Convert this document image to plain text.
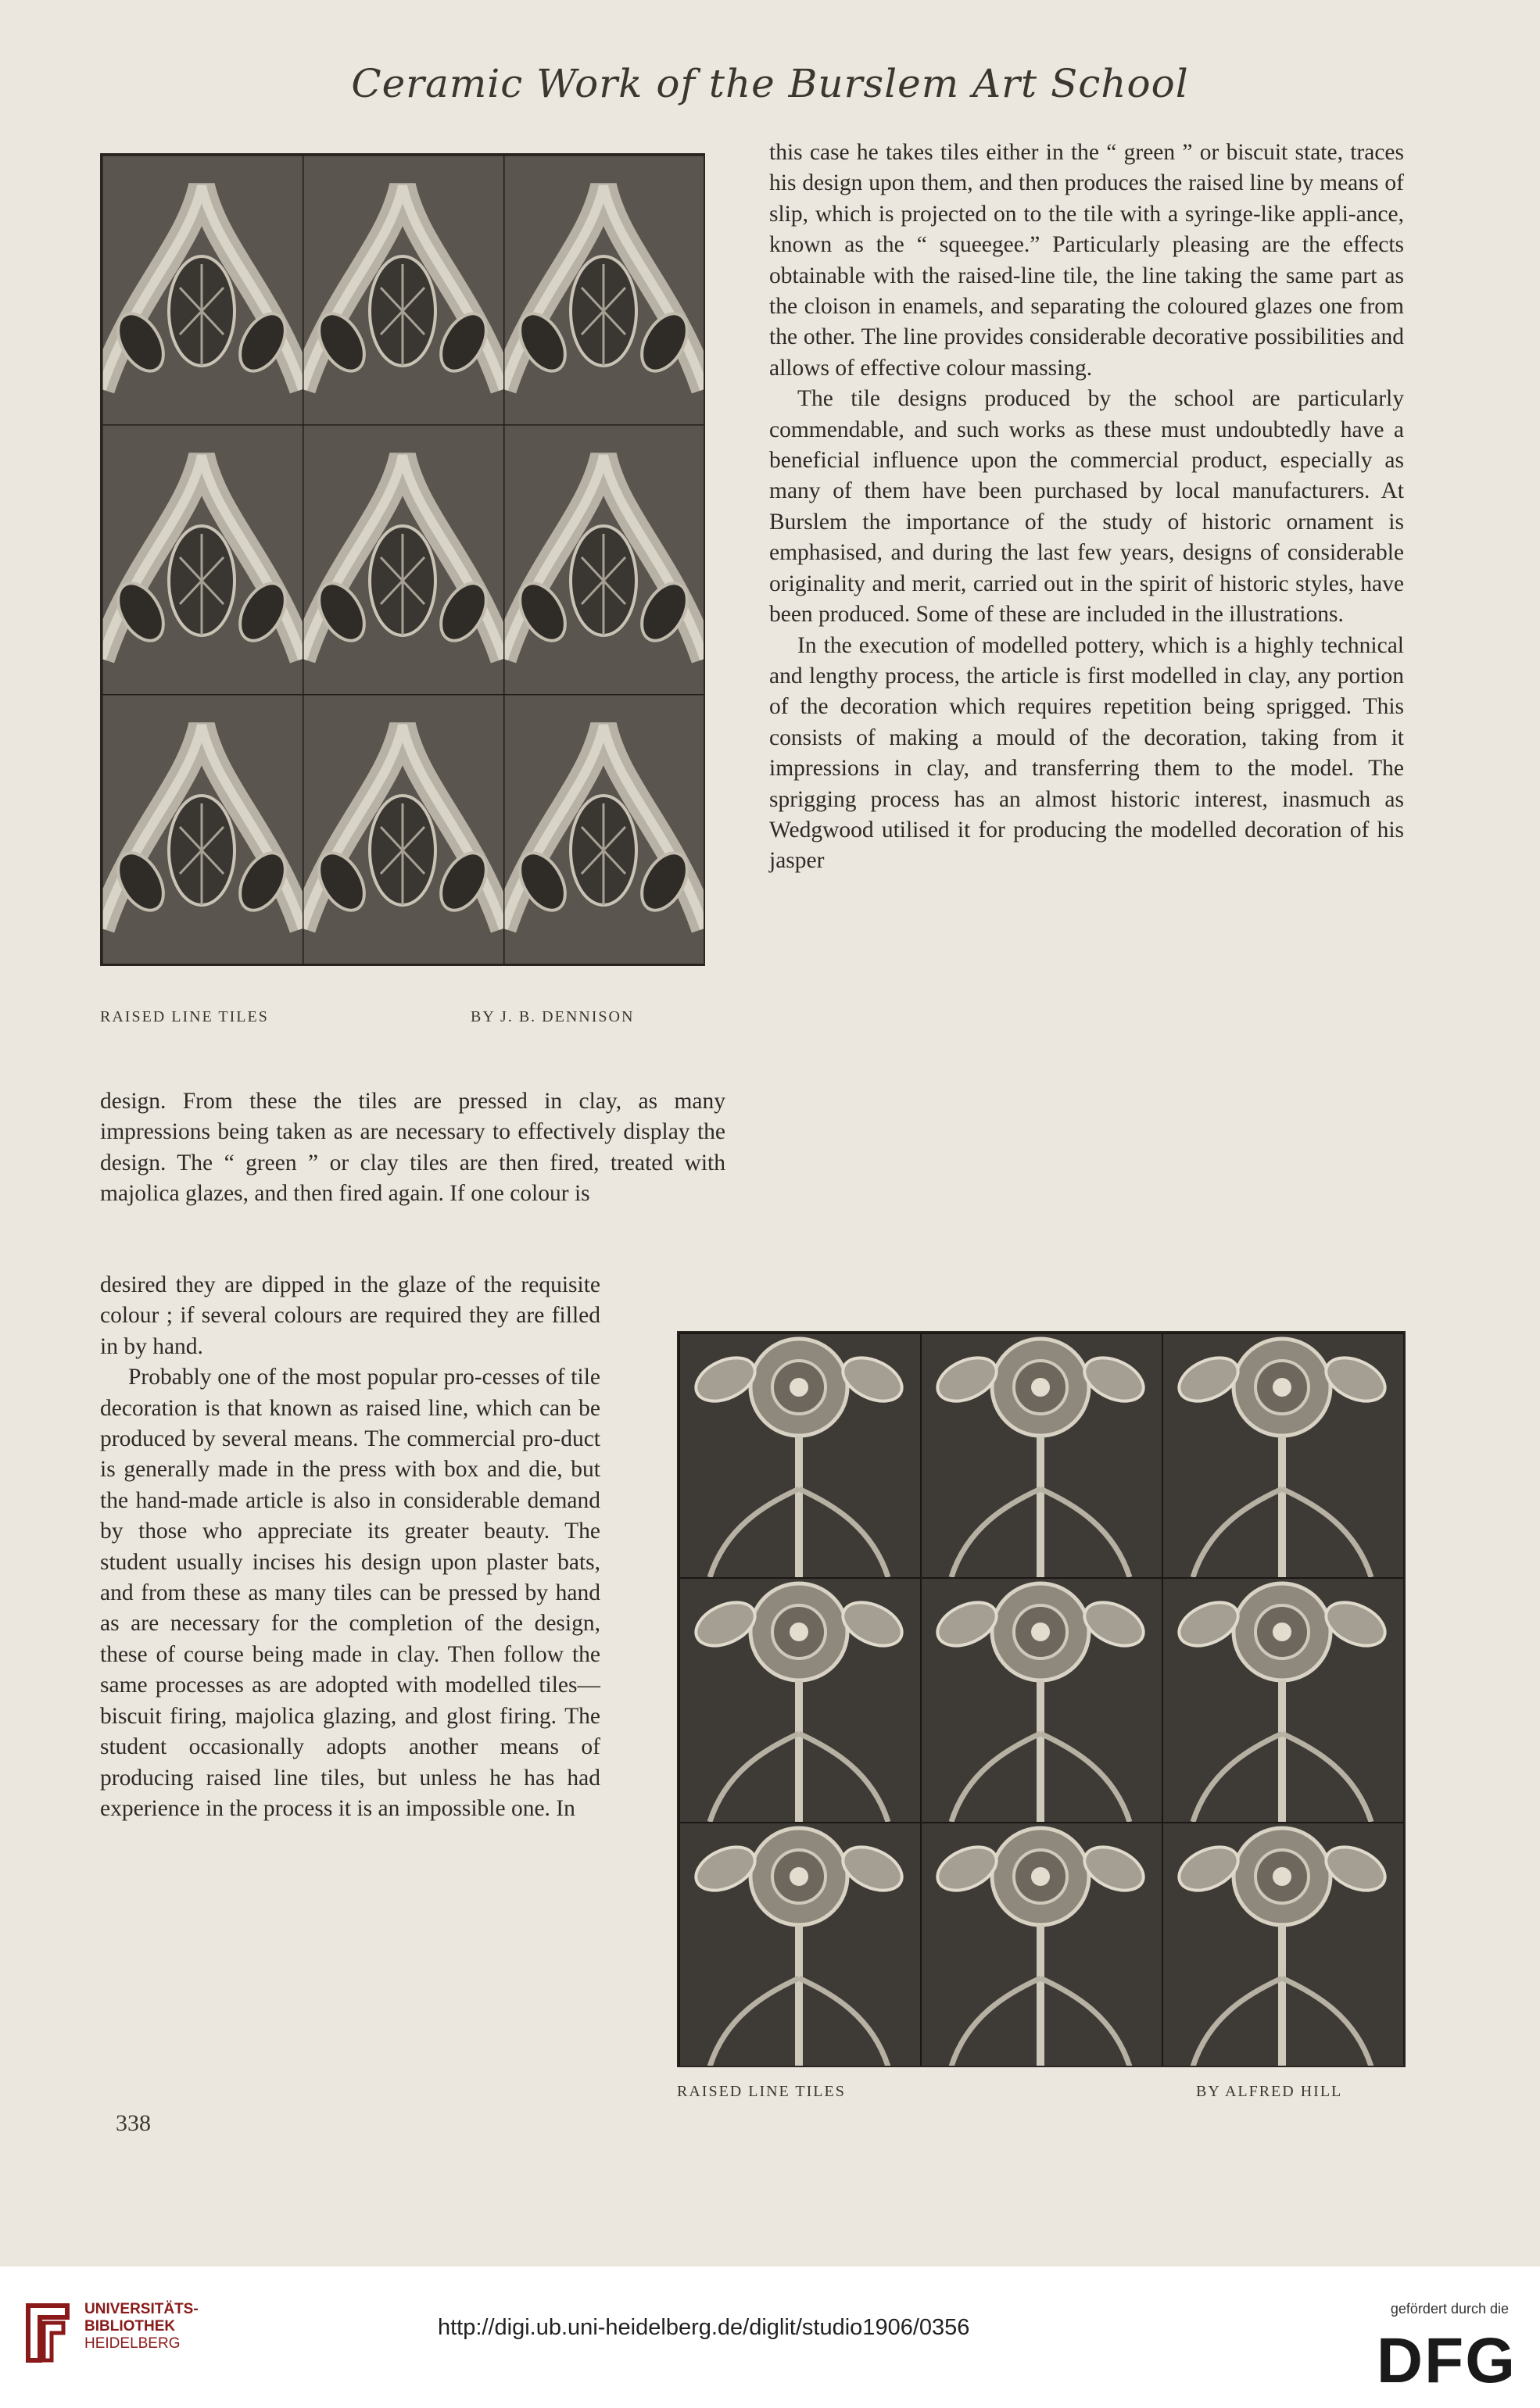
Ceramic Work of the Burslem Art School
RAISED LINE TILES	BY J. B. DENNISON

this case he takes tiles either in the “ green ” or biscuit state, traces his design upon them, and then produces the raised line by means of slip, which is projected on to the tile with a syringe-like appli-ance, known as the “ squeegee.” Particularly pleasing are the effects obtainable with the raised-line tile, the line taking the same part as the cloison in enamels, and separating the coloured glazes one from the other. The line provides considerable decorative possibilities and allows of effective colour massing.

The tile designs produced by the school are particularly commendable, and such works as these must undoubtedly have a beneficial influence upon the commercial product, especially as many of them have been purchased by local manufacturers. At Burslem the importance of the study of historic ornament is emphasised, and during the last few years, designs of considerable originality and merit, carried out in the spirit of historic styles, have been produced. Some of these are included in the illustrations.

In the execution of modelled pottery, which is a highly technical and lengthy process, the article is first modelled in clay, any portion of the decoration which requires repetition being sprigged. This consists of making a mould of the decoration, taking from it impressions in clay, and transferring them to the model. The sprigging process has an almost historic interest, inasmuch as Wedgwood utilised it for producing the modelled decoration of his jasper

design. From these the tiles are pressed in clay, as many impressions being taken as are necessary to effectively display the design. The “ green ” or clay tiles are then fired, treated with majolica glazes, and then fired again. If one colour is

desired they are dipped in the glaze of the requisite colour ; if several colours are required they are filled in by hand.

Probably one of the most popular pro-cesses of tile decoration is that known as raised line, which can be produced by several means. The commercial pro-duct is generally made in the press with box and die, but the hand-made article is also in considerable demand by those who appreciate its greater beauty. The student usually incises his design upon plaster bats, and from these as many tiles can be pressed by hand as are necessary for the completion of the design, these of course being made in clay. Then follow the same processes as are adopted with modelled tiles— biscuit firing, majolica glazing, and glost firing. The student occasionally adopts another means of producing raised line tiles, but unless he has had experience in the process it is an impossible one. In

RAISED LINE TILES	BY ALFRED HILL
338
UNIVERSITÄTS-
BIBLIOTHEK
HEIDELBERG
http://digi.ub.uni-heidelberg.de/diglit/studio1906/0356
gefördert durch die
DFG
